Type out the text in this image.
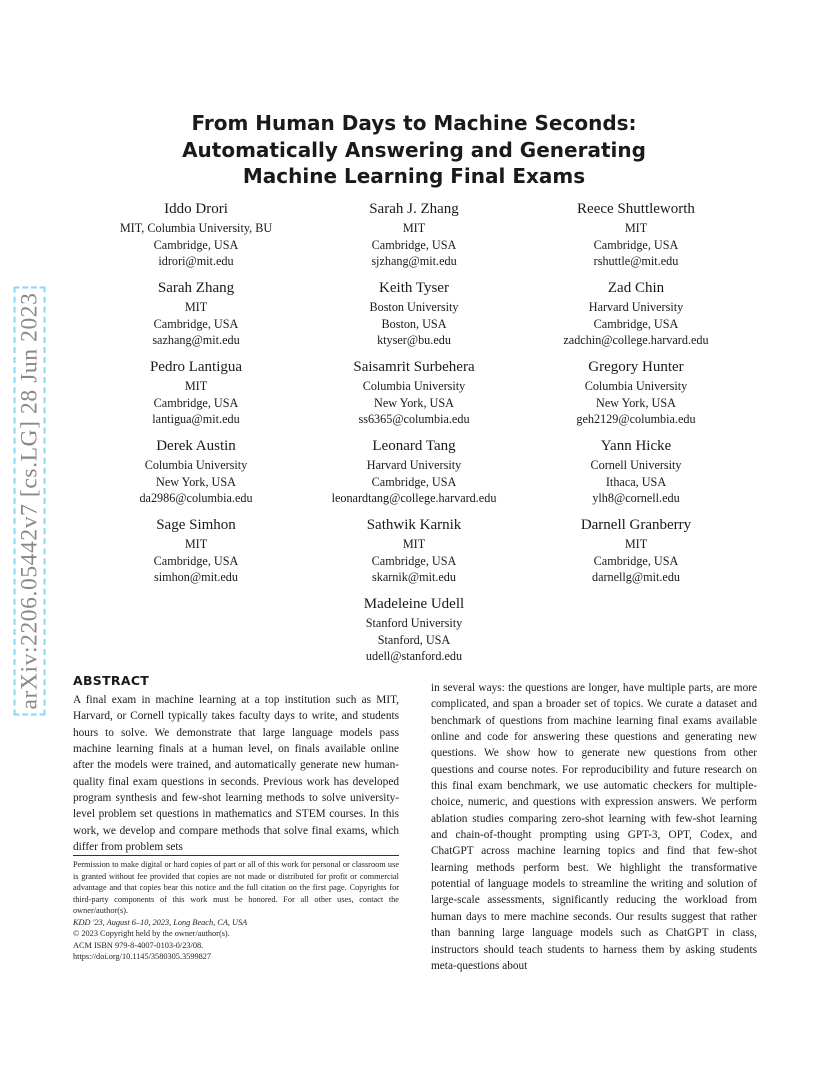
arXiv:2206.05442v7 [cs.LG] 28 Jun 2023
From Human Days to Machine Seconds:
Automatically Answering and Generating
Machine Learning Final Exams
Iddo Drori
MIT, Columbia University, BU
Cambridge, USA
idrori@mit.edu
Sarah J. Zhang
MIT
Cambridge, USA
sjzhang@mit.edu
Reece Shuttleworth
MIT
Cambridge, USA
rshuttle@mit.edu
Sarah Zhang
MIT
Cambridge, USA
sazhang@mit.edu
Keith Tyser
Boston University
Boston, USA
ktyser@bu.edu
Zad Chin
Harvard University
Cambridge, USA
zadchin@college.harvard.edu
Pedro Lantigua
MIT
Cambridge, USA
lantigua@mit.edu
Saisamrit Surbehera
Columbia University
New York, USA
ss6365@columbia.edu
Gregory Hunter
Columbia University
New York, USA
geh2129@columbia.edu
Derek Austin
Columbia University
New York, USA
da2986@columbia.edu
Leonard Tang
Harvard University
Cambridge, USA
leonardtang@college.harvard.edu
Yann Hicke
Cornell University
Ithaca, USA
ylh8@cornell.edu
Sage Simhon
MIT
Cambridge, USA
simhon@mit.edu
Sathwik Karnik
MIT
Cambridge, USA
skarnik@mit.edu
Darnell Granberry
MIT
Cambridge, USA
darnellg@mit.edu
Madeleine Udell
Stanford University
Stanford, USA
udell@stanford.edu
ABSTRACT
A final exam in machine learning at a top institution such as MIT, Harvard, or Cornell typically takes faculty days to write, and students hours to solve. We demonstrate that large language models pass machine learning finals at a human level, on finals available online after the models were trained, and automatically generate new human-quality final exam questions in seconds. Previous work has developed program synthesis and few-shot learning methods to solve university-level problem set questions in mathematics and STEM courses. In this work, we develop and compare methods that solve final exams, which differ from problem sets
in several ways: the questions are longer, have multiple parts, are more complicated, and span a broader set of topics. We curate a dataset and benchmark of questions from machine learning final exams available online and code for answering these questions and generating new questions. We show how to generate new questions from other questions and course notes. For reproducibility and future research on this final exam benchmark, we use automatic checkers for multiple-choice, numeric, and questions with expression answers. We perform ablation studies comparing zero-shot learning with few-shot learning and chain-of-thought prompting using GPT-3, OPT, Codex, and ChatGPT across machine learning topics and find that few-shot learning methods perform best. We highlight the transformative potential of language models to streamline the writing and solution of large-scale assessments, significantly reducing the workload from human days to mere machine seconds. Our results suggest that rather than banning large language models such as ChatGPT in class, instructors should teach students to harness them by asking students meta-questions about
Permission to make digital or hard copies of part or all of this work for personal or classroom use is granted without fee provided that copies are not made or distributed for profit or commercial advantage and that copies bear this notice and the full citation on the first page. Copyrights for third-party components of this work must be honored. For all other uses, contact the owner/author(s).
KDD '23, August 6–10, 2023, Long Beach, CA, USA
© 2023 Copyright held by the owner/author(s).
ACM ISBN 979-8-4007-0103-0/23/08.
https://doi.org/10.1145/3580305.3599827
